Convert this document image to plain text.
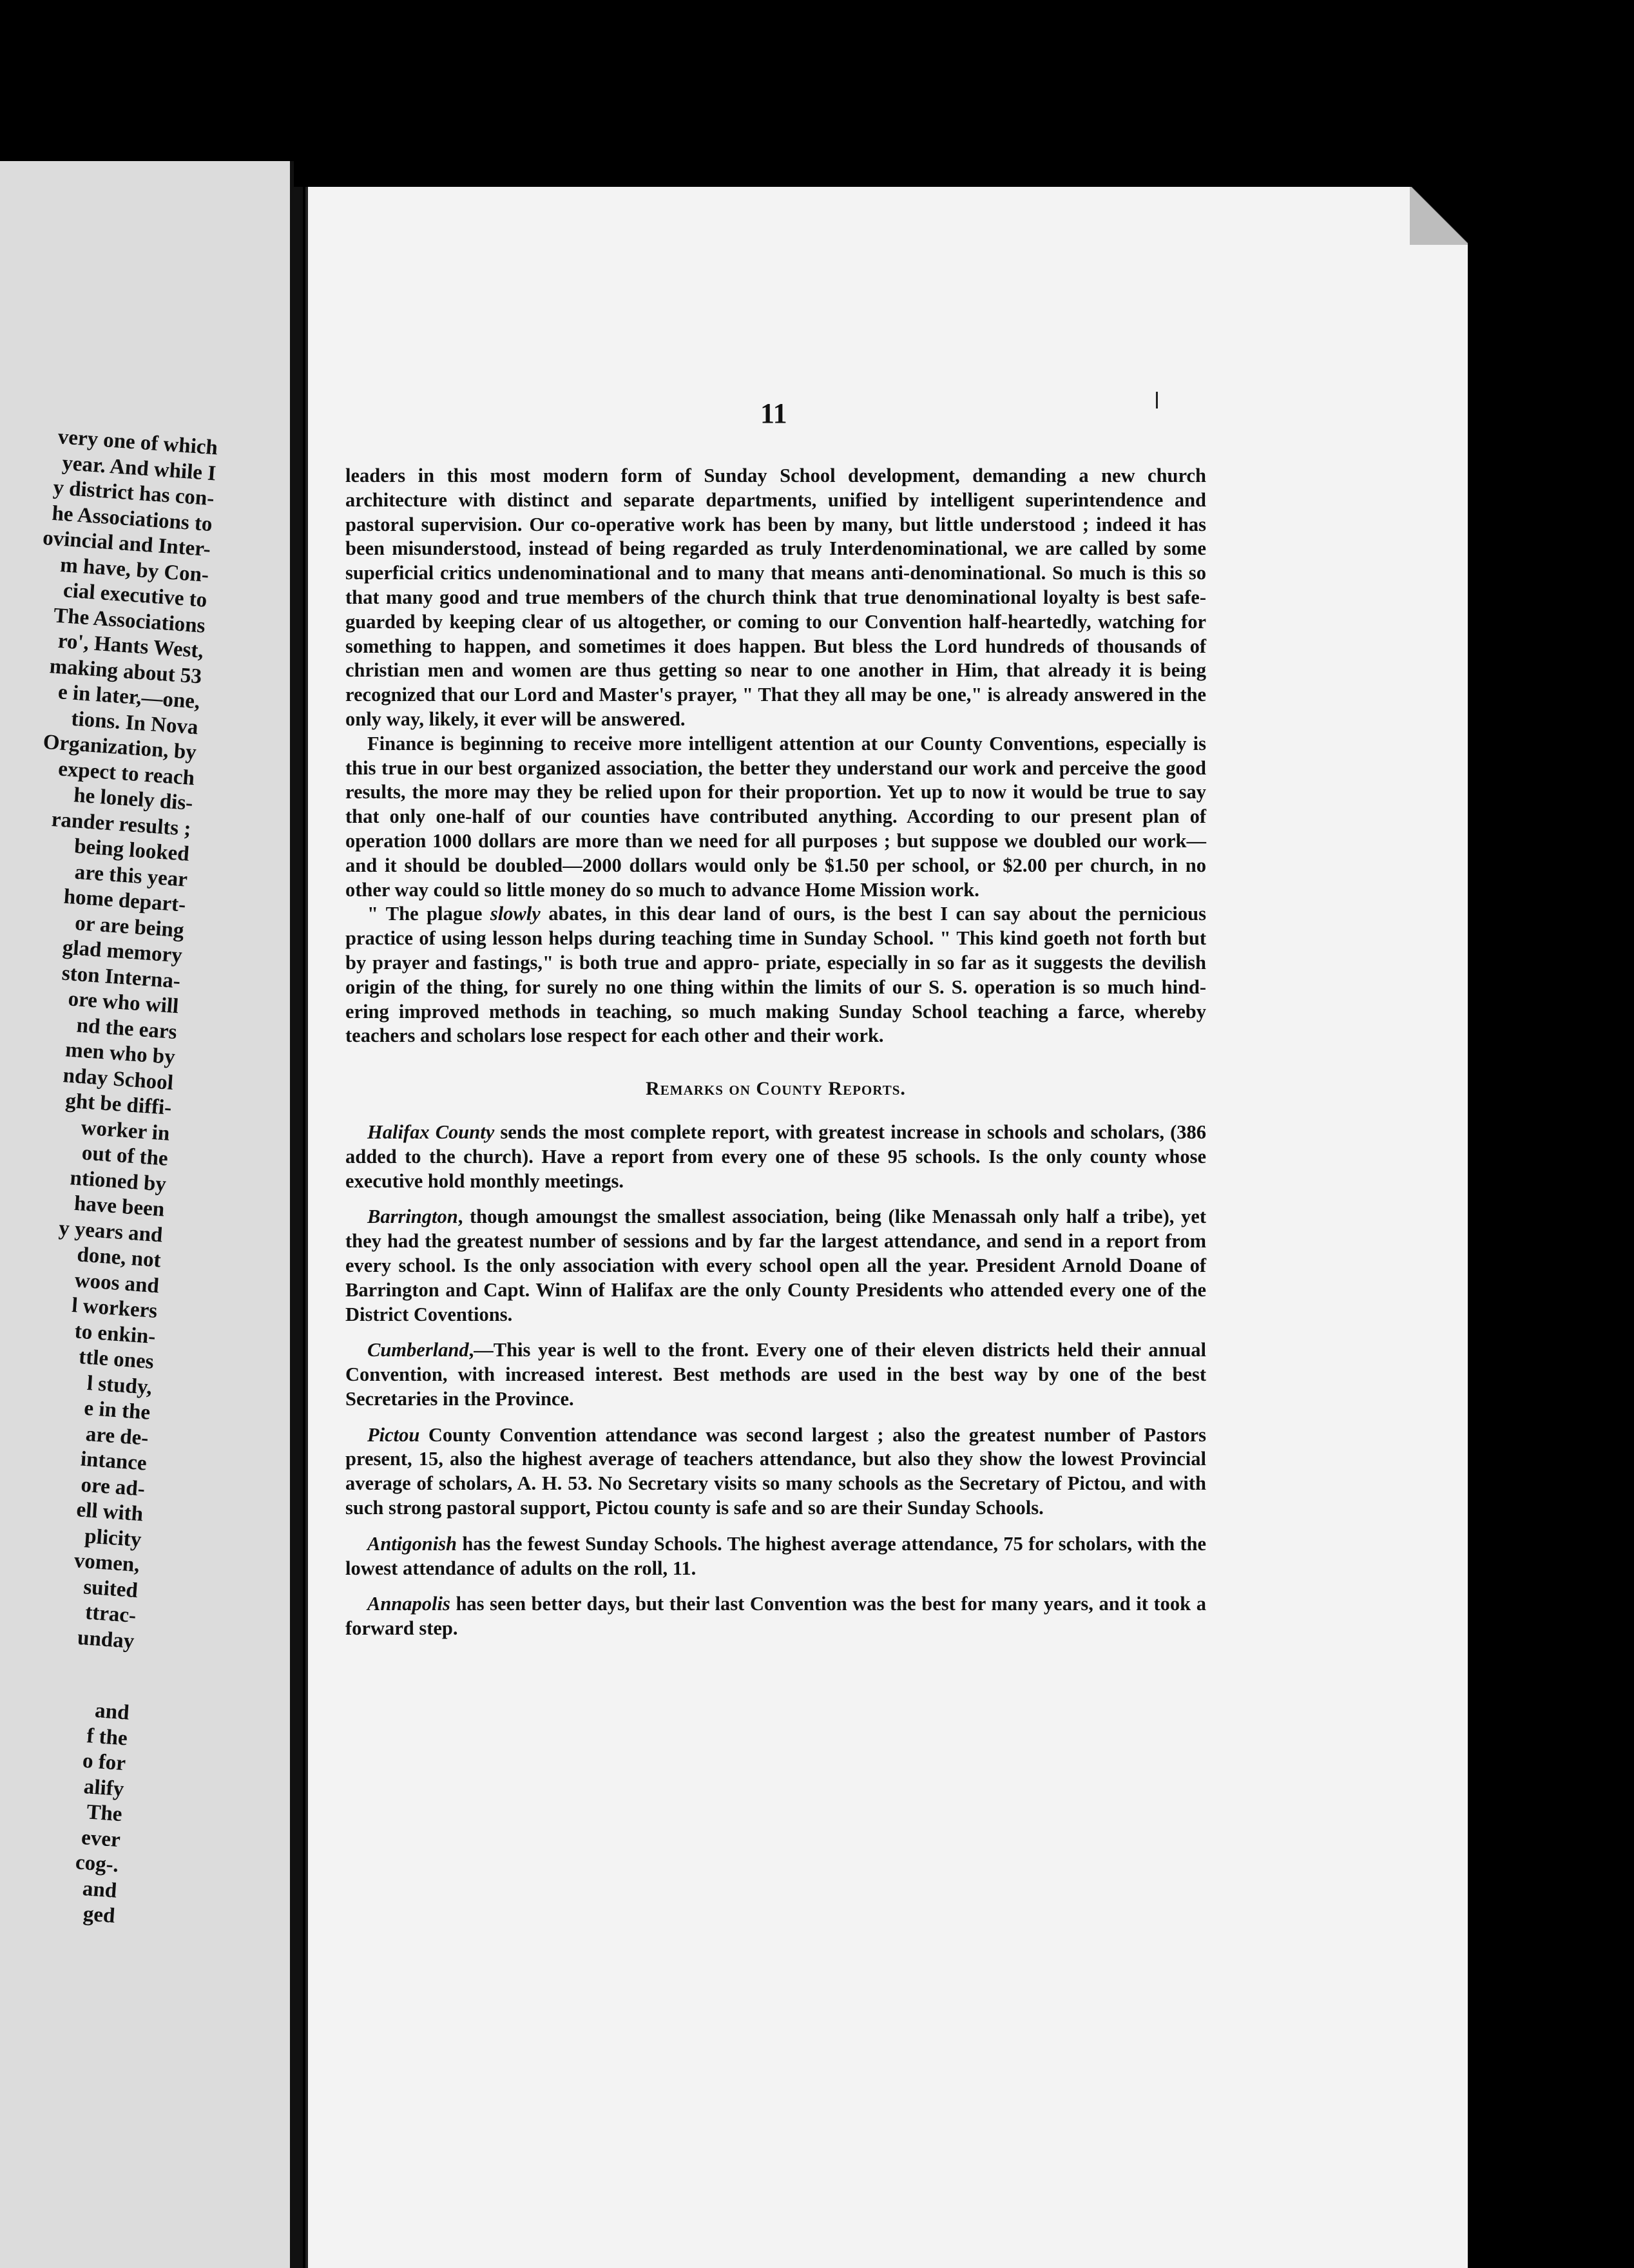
very one of which
year. And while I
y district has con-
he Associations to
ovincial and Inter-
m have, by Con-
cial executive to
The Associations
ro', Hants West,
making about 53
e in later,—one,
tions. In Nova
Organization, by
expect to reach
he lonely dis-
rander results ;
being looked
are this year
home depart-
or are being
glad memory
ston Interna-
ore who will
nd the ears
men who by
nday School
ght be diffi-
worker in
out of the
ntioned by
have been
y years and
done, not
woos and
l workers
to enkin-
ttle ones
l study,
e in the
are de-
intance
ore ad-
ell with
plicity
vomen,
suited
ttrac-
unday
and
f the
o for
alify
The
ever
cog-.
and
ged
11

leaders in this most modern form of Sunday School development, demanding a new church architecture with distinct and separate departments, unified by intelligent superintendence and pastoral supervision. Our co-operative work has been by many, but little understood ; indeed it has been misunderstood, instead of being regarded as truly Interdenominational, we are called by some superficial critics undenominational and to many that means anti-denominational. So much is this so that many good and true members of the church think that true denominational loyalty is best safe-guarded by keeping clear of us altogether, or coming to our Convention half-heartedly, watching for something to happen, and sometimes it does happen. But bless the Lord hundreds of thousands of christian men and women are thus getting so near to one another in Him, that already it is being recognized that our Lord and Master's prayer, " That they all may be one," is already answered in the only way, likely, it ever will be answered.

Finance is beginning to receive more intelligent attention at our County Conventions, especially is this true in our best organized association, the better they understand our work and perceive the good results, the more may they be relied upon for their proportion. Yet up to now it would be true to say that only one-half of our counties have contributed anything. According to our present plan of operation 1000 dollars are more than we need for all purposes ; but suppose we doubled our work—and it should be doubled—2000 dollars would only be $1.50 per school, or $2.00 per church, in no other way could so little money do so much to advance Home Mission work.

" The plague slowly abates, in this dear land of ours, is the best I can say about the pernicious practice of using lesson helps during teaching time in Sunday School. " This kind goeth not forth but by prayer and fastings," is both true and appro- priate, especially in so far as it suggests the devilish origin of the thing, for surely no one thing within the limits of our S. S. operation is so much hind- ering improved methods in teaching, so much making Sunday School teaching a farce, whereby teachers and scholars lose respect for each other and their work.

Remarks on County Reports.

Halifax County sends the most complete report, with greatest increase in schools and scholars, (386 added to the church). Have a report from every one of these 95 schools. Is the only county whose executive hold monthly meetings.

Barrington, though amoungst the smallest association, being (like Menassah only half a tribe), yet they had the greatest number of sessions and by far the largest attendance, and send in a report from every school. Is the only association with every school open all the year. President Arnold Doane of Barrington and Capt. Winn of Halifax are the only County Presidents who attended every one of the District Coventions.

Cumberland,—This year is well to the front. Every one of their eleven districts held their annual Convention, with increased interest. Best methods are used in the best way by one of the best Secretaries in the Province.

Pictou County Convention attendance was second largest ; also the greatest number of Pastors present, 15, also the highest average of teachers attendance, but also they show the lowest Provincial average of scholars, A. H. 53. No Secretary visits so many schools as the Secretary of Pictou, and with such strong pastoral support, Pictou county is safe and so are their Sunday Schools.

Antigonish has the fewest Sunday Schools. The highest average attendance, 75 for scholars, with the lowest attendance of adults on the roll, 11.

Annapolis has seen better days, but their last Convention was the best for many years, and it took a forward step.
